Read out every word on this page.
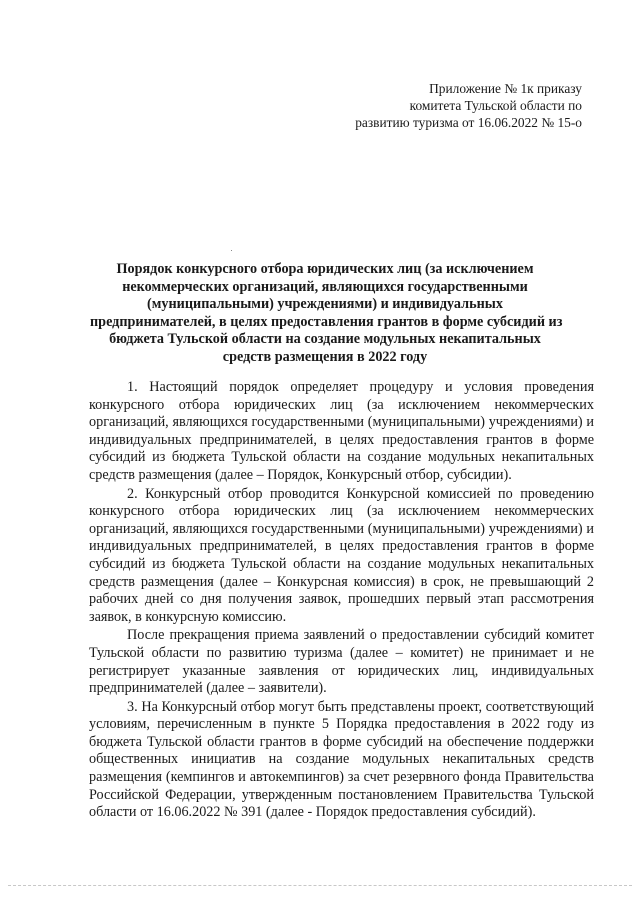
Приложение № 1к приказу
комитета Тульской области по
развитию туризма от 16.06.2022 № 15-о
Порядок конкурсного отбора юридических лиц (за исключением
некоммерческих организаций, являющихся государственными
(муниципальными) учреждениями) и индивидуальных
предпринимателей, в целях предоставления грантов в форме субсидий из
бюджета Тульской области на создание модульных некапитальных
средств размещения в 2022 году

1. Настоящий порядок определяет процедуру и условия проведения конкурсного отбора юридических лиц (за исключением некоммерческих организаций, являющихся государственными (муниципальными) учреждениями) и индивидуальных предпринимателей, в целях предоставления грантов в форме субсидий из бюджета Тульской области на создание модульных некапитальных средств размещения (далее – Порядок, Конкурсный отбор, субсидии).

2. Конкурсный отбор проводится Конкурсной комиссией по проведению конкурсного отбора юридических лиц (за исключением некоммерческих организаций, являющихся государственными (муниципальными) учреждениями) и индивидуальных предпринимателей, в целях предоставления грантов в форме субсидий из бюджета Тульской области на создание модульных некапитальных средств размещения (далее – Конкурсная комиссия) в срок, не превышающий 2 рабочих дней со дня получения заявок, прошедших первый этап рассмотрения заявок, в конкурсную комиссию.

После прекращения приема заявлений о предоставлении субсидий комитет Тульской области по развитию туризма (далее – комитет) не принимает и не регистрирует указанные заявления от юридических лиц, индивидуальных предпринимателей (далее – заявители).

3. На Конкурсный отбор могут быть представлены проект, соответствующий условиям, перечисленным в пункте 5 Порядка предоставления в 2022 году из бюджета Тульской области грантов в форме субсидий на обеспечение поддержки общественных инициатив на создание модульных некапитальных средств размещения (кемпингов и автокемпингов) за счет резервного фонда Правительства Российской Федерации, утвержденным постановлением Правительства Тульской области от 16.06.2022 № 391 (далее - Порядок предоставления субсидий).
